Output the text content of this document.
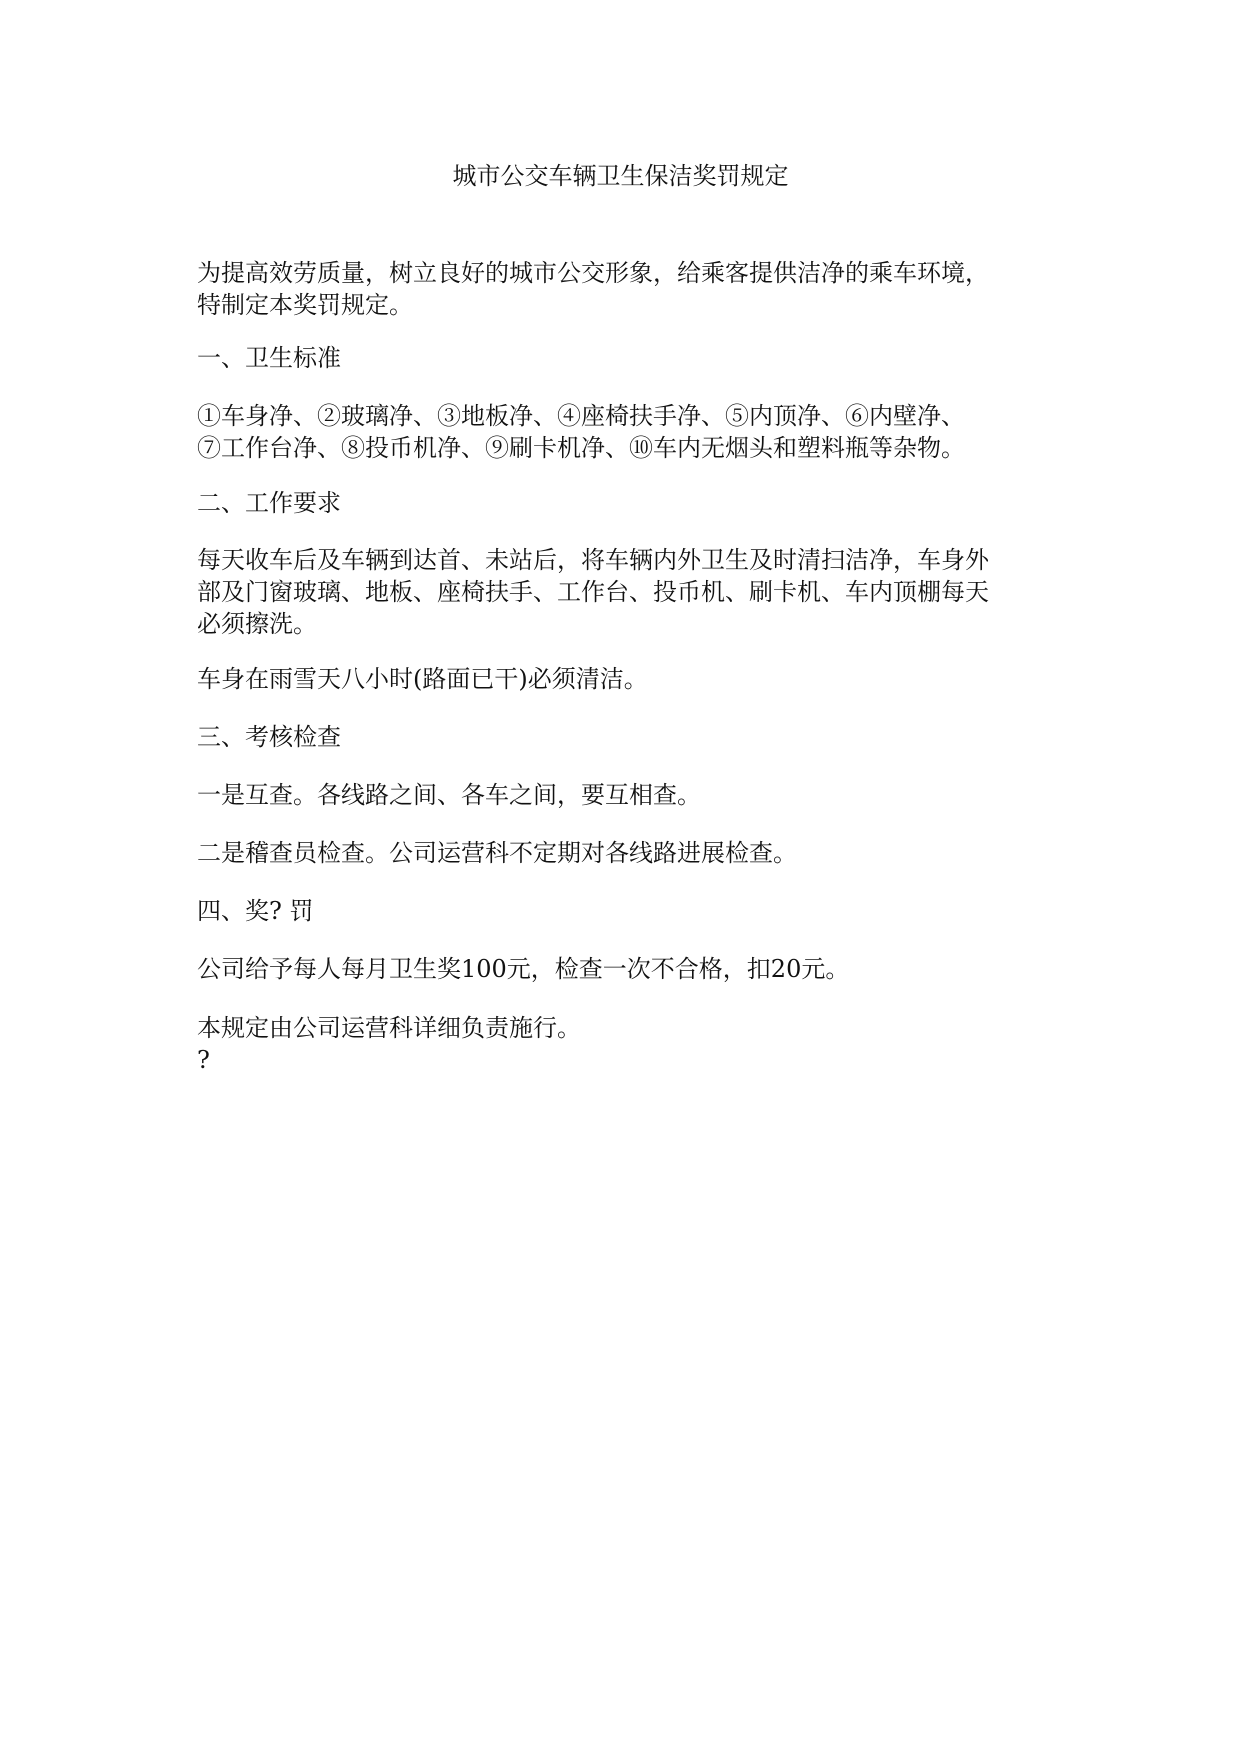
城市公交车辆卫生保洁奖罚规定

为提高效劳质量，树立良好的城市公交形象，给乘客提供洁净的乘车环境，
特制定本奖罚规定。

一、卫生标准

①车身净、②玻璃净、③地板净、④座椅扶手净、⑤内顶净、⑥内壁净、
⑦工作台净、⑧投币机净、⑨刷卡机净、⑩车内无烟头和塑料瓶等杂物。

二、工作要求

每天收车后及车辆到达首、未站后，将车辆内外卫生及时清扫洁净，车身外
部及门窗玻璃、地板、座椅扶手、工作台、投币机、刷卡机、车内顶棚每天
必须擦洗。

车身在雨雪天八小时(路面已干)必须清洁。

三、考核检查

一是互查。各线路之间、各车之间，要互相查。

二是稽查员检查。公司运营科不定期对各线路进展检查。

四、奖? 罚

公司给予每人每月卫生奖100元，检查一次不合格，扣20元。

本规定由公司运营科详细负责施行。

?
